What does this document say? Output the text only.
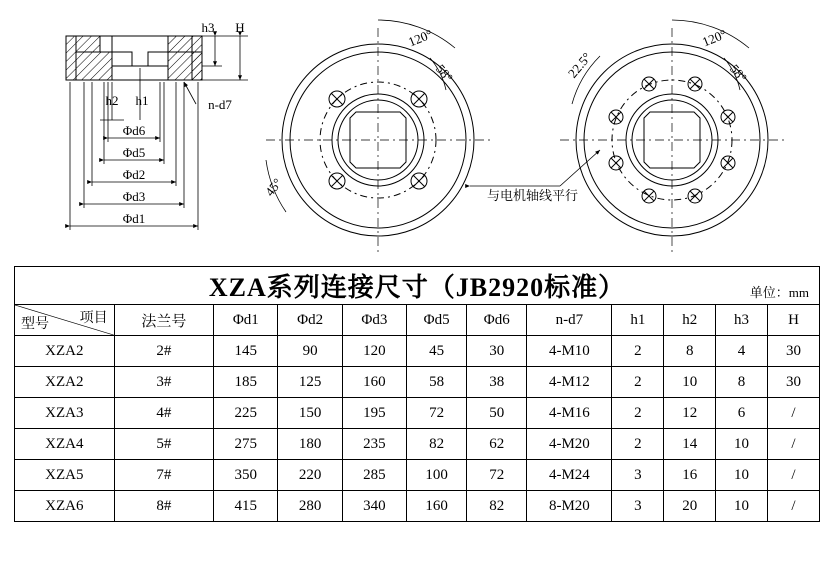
h3 H
h2 h1	n-d7
Φd6
Φd5
Φd2
Φd3
Φd1
120°
58°
45°
120°
58°
22.5°
与电机轴线平行
XZA系列连接尺寸（JB2920标准） 单位：mm											

项目
型号	法兰号	Φd1	Φd2	Φd3	Φd5	Φd6	n-d7	h1	h2	h3	H
XZA2	2#	145	90	120	45	30	4-M10	2	8	4	30
XZA2	3#	185	125	160	58	38	4-M12	2	10	8	30
XZA3	4#	225	150	195	72	50	4-M16	2	12	6	/
XZA4	5#	275	180	235	82	62	4-M20	2	14	10	/
XZA5	7#	350	220	285	100	72	4-M24	3	16	10	/
XZA6	8#	415	280	340	160	82	8-M20	3	20	10	/
